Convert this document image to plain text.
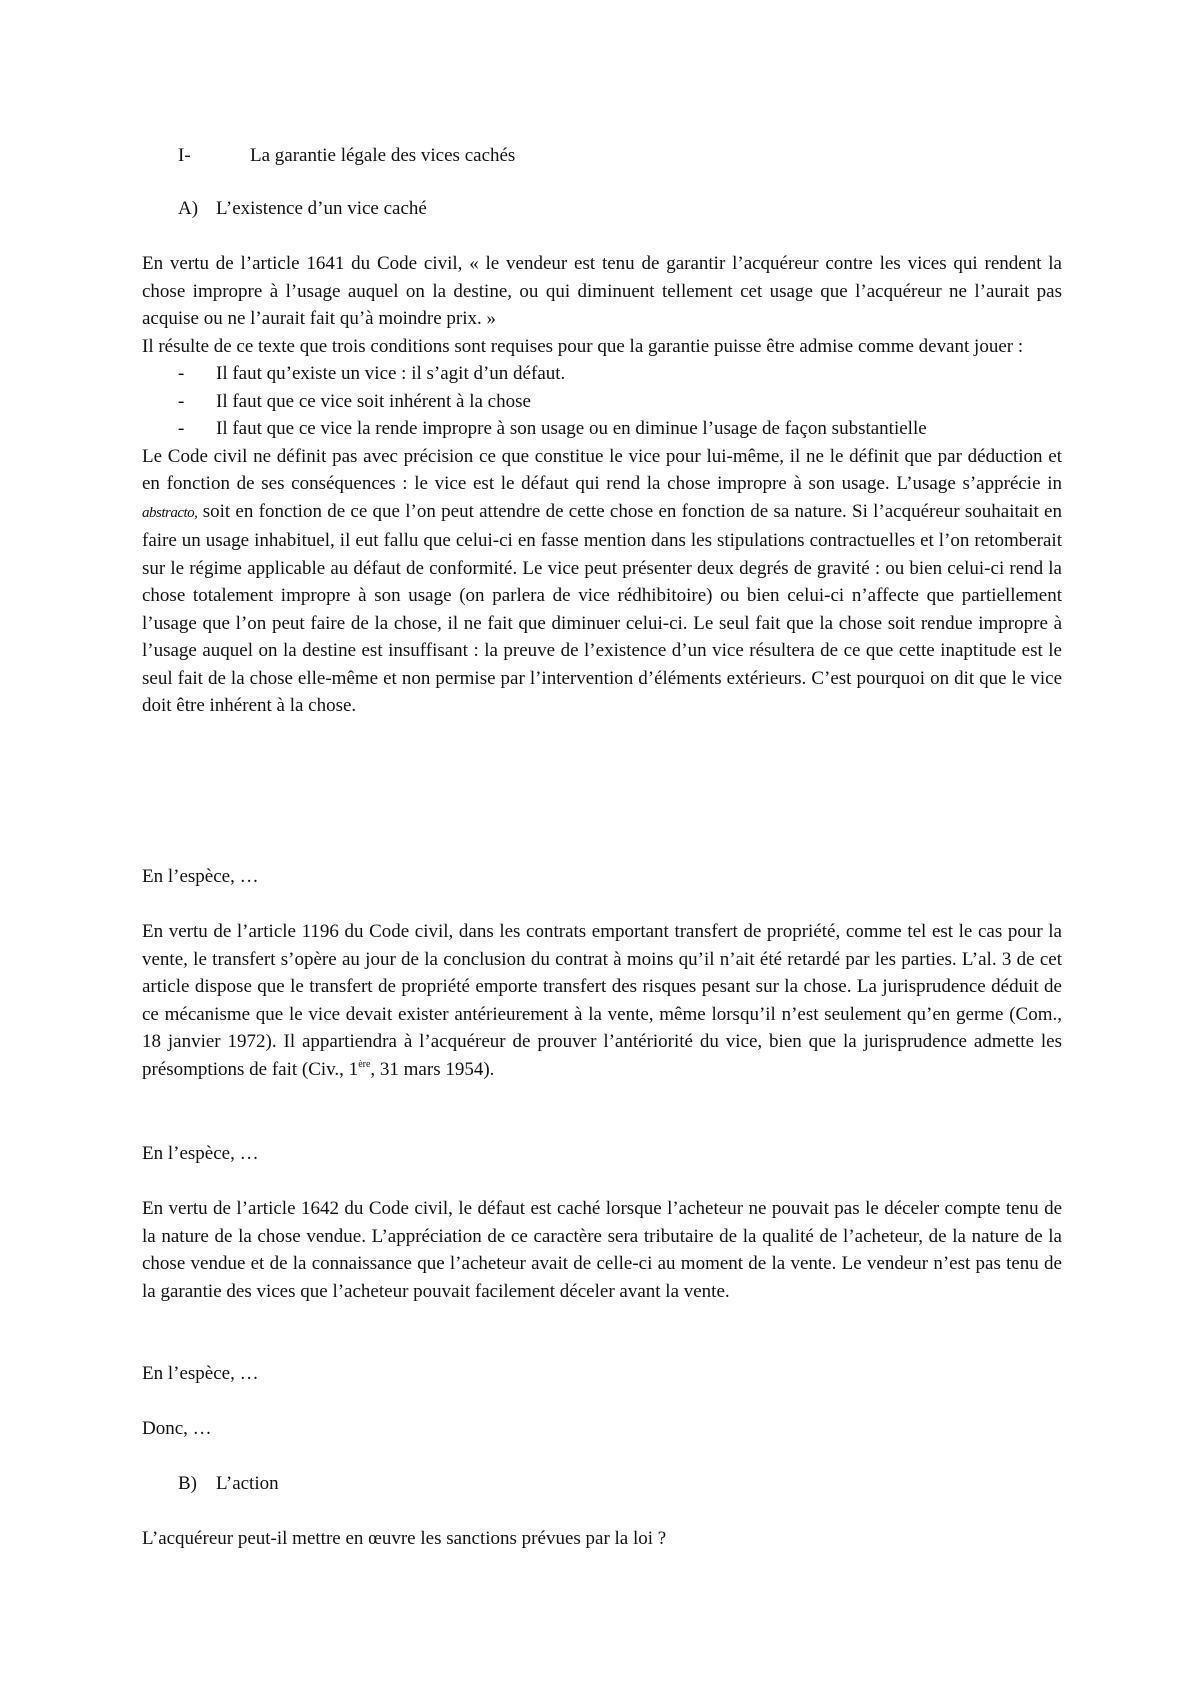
I-	La garantie légale des vices cachés
A) L’existence d’un vice caché

En vertu de l’article 1641 du Code civil, « le vendeur est tenu de garantir l’acquéreur contre les vices qui rendent la chose impropre à l’usage auquel on la destine, ou qui diminuent tellement cet usage que l’acquéreur ne l’aurait pas acquise ou ne l’aurait fait qu’à moindre prix. »

Il résulte de ce texte que trois conditions sont requises pour que la garantie puisse être admise comme devant jouer :

- Il faut qu’existe un vice : il s’agit d’un défaut.
- Il faut que ce vice soit inhérent à la chose
- Il faut que ce vice la rende impropre à son usage ou en diminue l’usage de façon substantielle

Le Code civil ne définit pas avec précision ce que constitue le vice pour lui-même, il ne le définit que par déduction et en fonction de ses conséquences : le vice est le défaut qui rend la chose impropre à son usage. L’usage s’apprécie in abstracto, soit en fonction de ce que l’on peut attendre de cette chose en fonction de sa nature. Si l’acquéreur souhaitait en faire un usage inhabituel, il eut fallu que celui-ci en fasse mention dans les stipulations contractuelles et l’on retomberait sur le régime applicable au défaut de conformité. Le vice peut présenter deux degrés de gravité : ou bien celui-ci rend la chose totalement impropre à son usage (on parlera de vice rédhibitoire) ou bien celui-ci n’affecte que partiellement l’usage que l’on peut faire de la chose, il ne fait que diminuer celui-ci. Le seul fait que la chose soit rendue impropre à l’usage auquel on la destine est insuffisant : la preuve de l’existence d’un vice résultera de ce que cette inaptitude est le seul fait de la chose elle-même et non permise par l’intervention d’éléments extérieurs. C’est pourquoi on dit que le vice doit être inhérent à la chose.

En l’espèce, …

En vertu de l’article 1196 du Code civil, dans les contrats emportant transfert de propriété, comme tel est le cas pour la vente, le transfert s’opère au jour de la conclusion du contrat à moins qu’il n’ait été retardé par les parties. L’al. 3 de cet article dispose que le transfert de propriété emporte transfert des risques pesant sur la chose. La jurisprudence déduit de ce mécanisme que le vice devait exister antérieurement à la vente, même lorsqu’il n’est seulement qu’en germe (Com., 18 janvier 1972). Il appartiendra à l’acquéreur de prouver l’antériorité du vice, bien que la jurisprudence admette les présomptions de fait (Civ., 1ère, 31 mars 1954).

En l’espèce, …

En vertu de l’article 1642 du Code civil, le défaut est caché lorsque l’acheteur ne pouvait pas le déceler compte tenu de la nature de la chose vendue. L’appréciation de ce caractère sera tributaire de la qualité de l’acheteur, de la nature de la chose vendue et de la connaissance que l’acheteur avait de celle-ci au moment de la vente. Le vendeur n’est pas tenu de la garantie des vices que l’acheteur pouvait facilement déceler avant la vente.

En l’espèce, …

Donc, …

B) L’action

L’acquéreur peut-il mettre en œuvre les sanctions prévues par la loi ?
